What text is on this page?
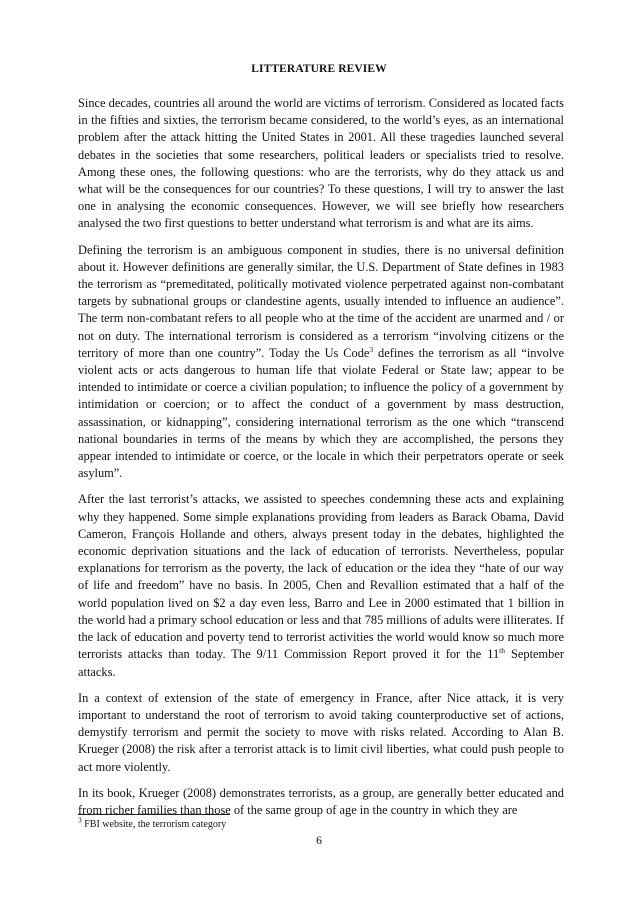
LITTERATURE REVIEW

Since decades, countries all around the world are victims of terrorism. Considered as located facts in the fifties and sixties, the terrorism became considered, to the world’s eyes, as an international problem after the attack hitting the United States in 2001. All these tragedies launched several debates in the societies that some researchers, political leaders or specialists tried to resolve. Among these ones, the following questions: who are the terrorists, why do they attack us and what will be the consequences for our countries? To these questions, I will try to answer the last one in analysing the economic consequences. However, we will see briefly how researchers analysed the two first questions to better understand what terrorism is and what are its aims.

Defining the terrorism is an ambiguous component in studies, there is no universal definition about it. However definitions are generally similar, the U.S. Department of State defines in 1983 the terrorism as “premeditated, politically motivated violence perpetrated against non-combatant targets by subnational groups or clandestine agents, usually intended to influence an audience”. The term non-combatant refers to all people who at the time of the accident are unarmed and / or not on duty. The international terrorism is considered as a terrorism “involving citizens or the territory of more than one country”. Today the Us Code$^3$ defines the terrorism as all “involve violent acts or acts dangerous to human life that violate Federal or State law; appear to be intended to intimidate or coerce a civilian population; to influence the policy of a government by intimidation or coercion; or to affect the conduct of a government by mass destruction, assassination, or kidnapping”, considering international terrorism as the one which “transcend national boundaries in terms of the means by which they are accomplished, the persons they appear intended to intimidate or coerce, or the locale in which their perpetrators operate or seek asylum”.

After the last terrorist’s attacks, we assisted to speeches condemning these acts and explaining why they happened. Some simple explanations providing from leaders as Barack Obama, David Cameron, François Hollande and others, always present today in the debates, highlighted the economic deprivation situations and the lack of education of terrorists. Nevertheless, popular explanations for terrorism as the poverty, the lack of education or the idea they “hate of our way of life and freedom” have no basis. In 2005, Chen and Revallion estimated that a half of the world population lived on $2 a day even less, Barro and Lee in 2000 estimated that 1 billion in the world had a primary school education or less and that 785 millions of adults were illiterates. If the lack of education and poverty tend to terrorist activities the world would know so much more terrorists attacks than today. The 9/11 Commission Report proved it for the 11th September attacks.

In a context of extension of the state of emergency in France, after Nice attack, it is very important to understand the root of terrorism to avoid taking counterproductive set of actions, demystify terrorism and permit the society to move with risks related. According to Alan B. Krueger (2008) the risk after a terrorist attack is to limit civil liberties, what could push people to act more violently.

In its book, Krueger (2008) demonstrates terrorists, as a group, are generally better educated and from richer families than those of the same group of age in the country in which they are

$^3$ FBI website, the terrorism category
6
